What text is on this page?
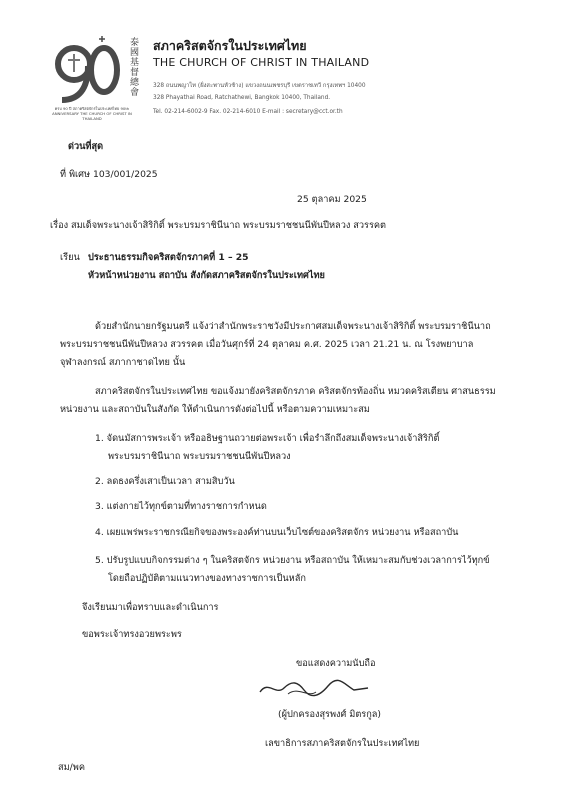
ครบ 90 ปี สภาคริสตจักรในประเทศไทย 90th ANNIVERSARY THE CHURCH OF CHRIST IN THAILAND
泰國基督總會
สภาคริสตจักรในประเทศไทย
THE CHURCH OF CHRIST IN THAILAND
328 ถนนพญาไท (ฝั่งสะพานหัวช้าง) แขวงถนนเพชรบุรี เขตราชเทวี กรุงเทพฯ 10400
328 Phayathai Road, Ratchathewi, Bangkok 10400, Thailand.
Tel. 02-214-6002-9 Fax. 02-214-6010 E-mail : secretary@cct.or.th
ด่วนที่สุด
ที่ พิเศษ 103/001/2025
25 ตุลาคม 2025
เรื่อง สมเด็จพระนางเจ้าสิริกิติ์ พระบรมราชินีนาถ พระบรมราชชนนีพันปีหลวง สวรรคต
เรียน ประธานธรรมกิจคริสตจักรภาคที่ 1 – 25
หัวหน้าหน่วยงาน สถาบัน สังกัดสภาคริสตจักรในประเทศไทย
ด้วยสำนักนายกรัฐมนตรี แจ้งว่าสำนักพระราชวังมีประกาศสมเด็จพระนางเจ้าสิริกิติ์ พระบรมราชินีนาถ
พระบรมราชชนนีพันปีหลวง สวรรคต เมื่อวันศุกร์ที่ 24 ตุลาคม ค.ศ. 2025 เวลา 21.21 น. ณ โรงพยาบาล
จุฬาลงกรณ์ สภากาชาดไทย นั้น
สภาคริสตจักรในประเทศไทย ขอแจ้งมายังคริสตจักรภาค คริสตจักรท้องถิ่น หมวดคริสเตียน ศาสนธรรม
หน่วยงาน และสถาบันในสังกัด ให้ดำเนินการดังต่อไปนี้ หรือตามความเหมาะสม
1. จัดนมัสการพระเจ้า หรืออธิษฐานถวายต่อพระเจ้า เพื่อรำลึกถึงสมเด็จพระนางเจ้าสิริกิติ์
พระบรมราชินีนาถ พระบรมราชชนนีพันปีหลวง
2. ลดธงครึ่งเสาเป็นเวลา สามสิบวัน
3. แต่งกายไว้ทุกข์ตามที่ทางราชการกำหนด
4. เผยแพร่พระราชกรณียกิจของพระองค์ท่านบนเว็บไซต์ของคริสตจักร หน่วยงาน หรือสถาบัน
5. ปรับรูปแบบกิจกรรมต่าง ๆ ในคริสตจักร หน่วยงาน หรือสถาบัน ให้เหมาะสมกับช่วงเวลาการไว้ทุกข์
โดยถือปฏิบัติตามแนวทางของทางราชการเป็นหลัก
จึงเรียนมาเพื่อทราบและดำเนินการ
ขอพระเจ้าทรงอวยพระพร
ขอแสดงความนับถือ
(ผู้ปกครองสุรพงศ์ มิตรกูล)
เลขาธิการสภาคริสตจักรในประเทศไทย
สม/พค
